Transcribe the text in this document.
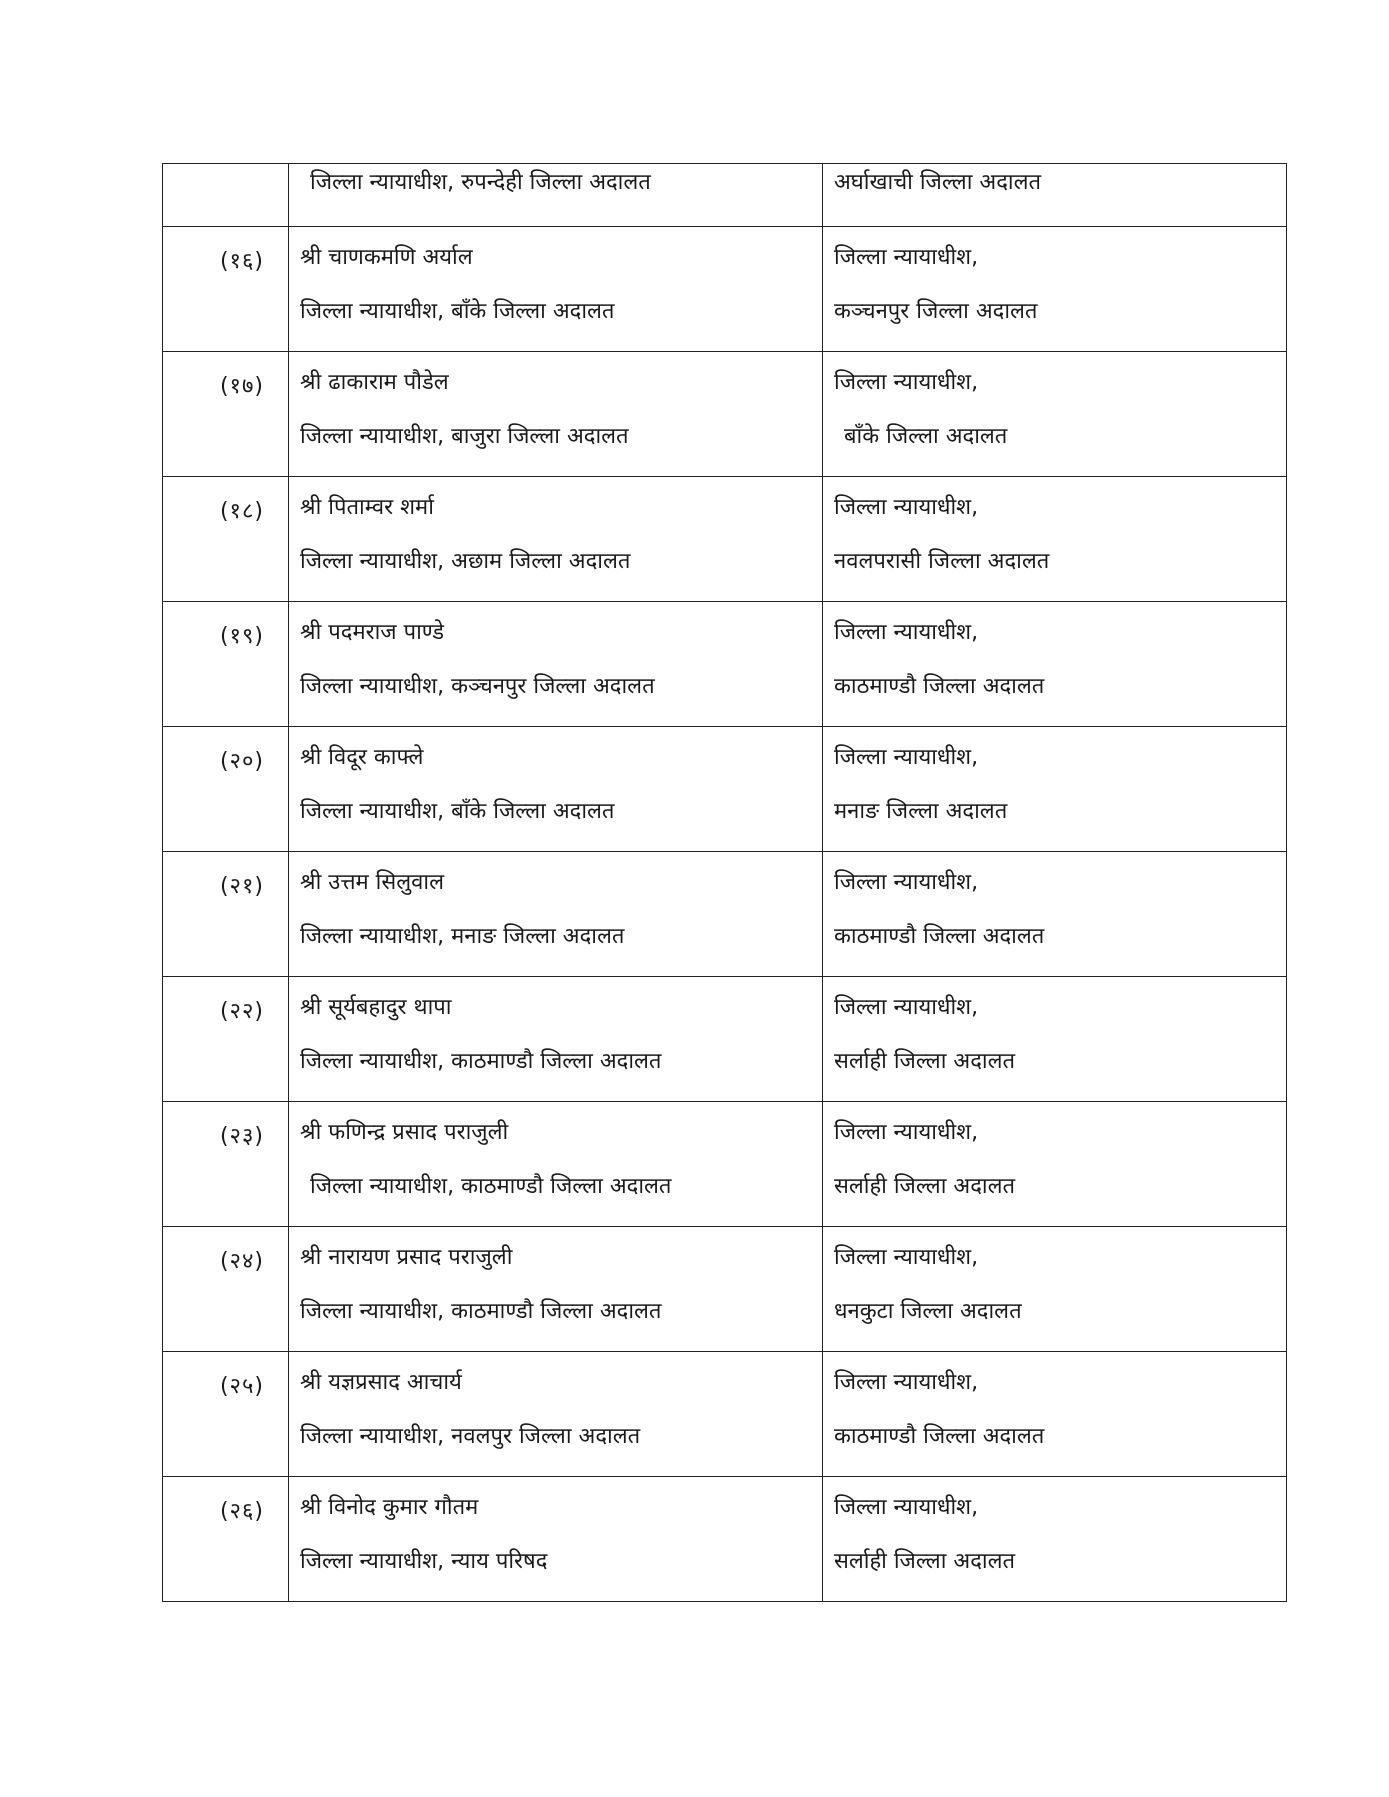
	जिल्ला न्यायाधीश, रुपन्देही जिल्ला अदालत	अर्घाखाची जिल्ला अदालत

(१६)	श्री चाणकमणि अर्याल
जिल्ला न्यायाधीश, बाँके जिल्ला अदालत	जिल्ला न्यायाधीश,
कञ्चनपुर जिल्ला अदालत

(१७)	श्री ढाकाराम पौडेल
जिल्ला न्यायाधीश, बाजुरा जिल्ला अदालत	जिल्ला न्यायाधीश,
बाँके जिल्ला अदालत

(१८)	श्री पिताम्वर शर्मा
जिल्ला न्यायाधीश, अछाम जिल्ला अदालत	जिल्ला न्यायाधीश,
नवलपरासी जिल्ला अदालत

(१९)	श्री पदमराज पाण्डे
जिल्ला न्यायाधीश, कञ्चनपुर जिल्ला अदालत	जिल्ला न्यायाधीश,
काठमाण्डौ जिल्ला अदालत

(२०)	श्री विदूर काफ्ले
जिल्ला न्यायाधीश, बाँके जिल्ला अदालत	जिल्ला न्यायाधीश,
मनाङ जिल्ला अदालत

(२१)	श्री उत्तम सिलुवाल
जिल्ला न्यायाधीश, मनाङ जिल्ला अदालत	जिल्ला न्यायाधीश,
काठमाण्डौ जिल्ला अदालत

(२२)	श्री सूर्यबहादुर थापा
जिल्ला न्यायाधीश, काठमाण्डौ जिल्ला अदालत	जिल्ला न्यायाधीश,
सर्लाही जिल्ला अदालत

(२३)	श्री फणिन्द्र प्रसाद पराजुली
जिल्ला न्यायाधीश, काठमाण्डौ जिल्ला अदालत	जिल्ला न्यायाधीश,
सर्लाही जिल्ला अदालत

(२४)	श्री नारायण प्रसाद पराजुली
जिल्ला न्यायाधीश, काठमाण्डौ जिल्ला अदालत	जिल्ला न्यायाधीश,
धनकुटा जिल्ला अदालत

(२५)	श्री यज्ञप्रसाद आचार्य
जिल्ला न्यायाधीश, नवलपुर जिल्ला अदालत	जिल्ला न्यायाधीश,
काठमाण्डौ जिल्ला अदालत

(२६)	श्री विनोद कुमार गौतम
जिल्ला न्यायाधीश, न्याय परिषद	जिल्ला न्यायाधीश,
सर्लाही जिल्ला अदालत
